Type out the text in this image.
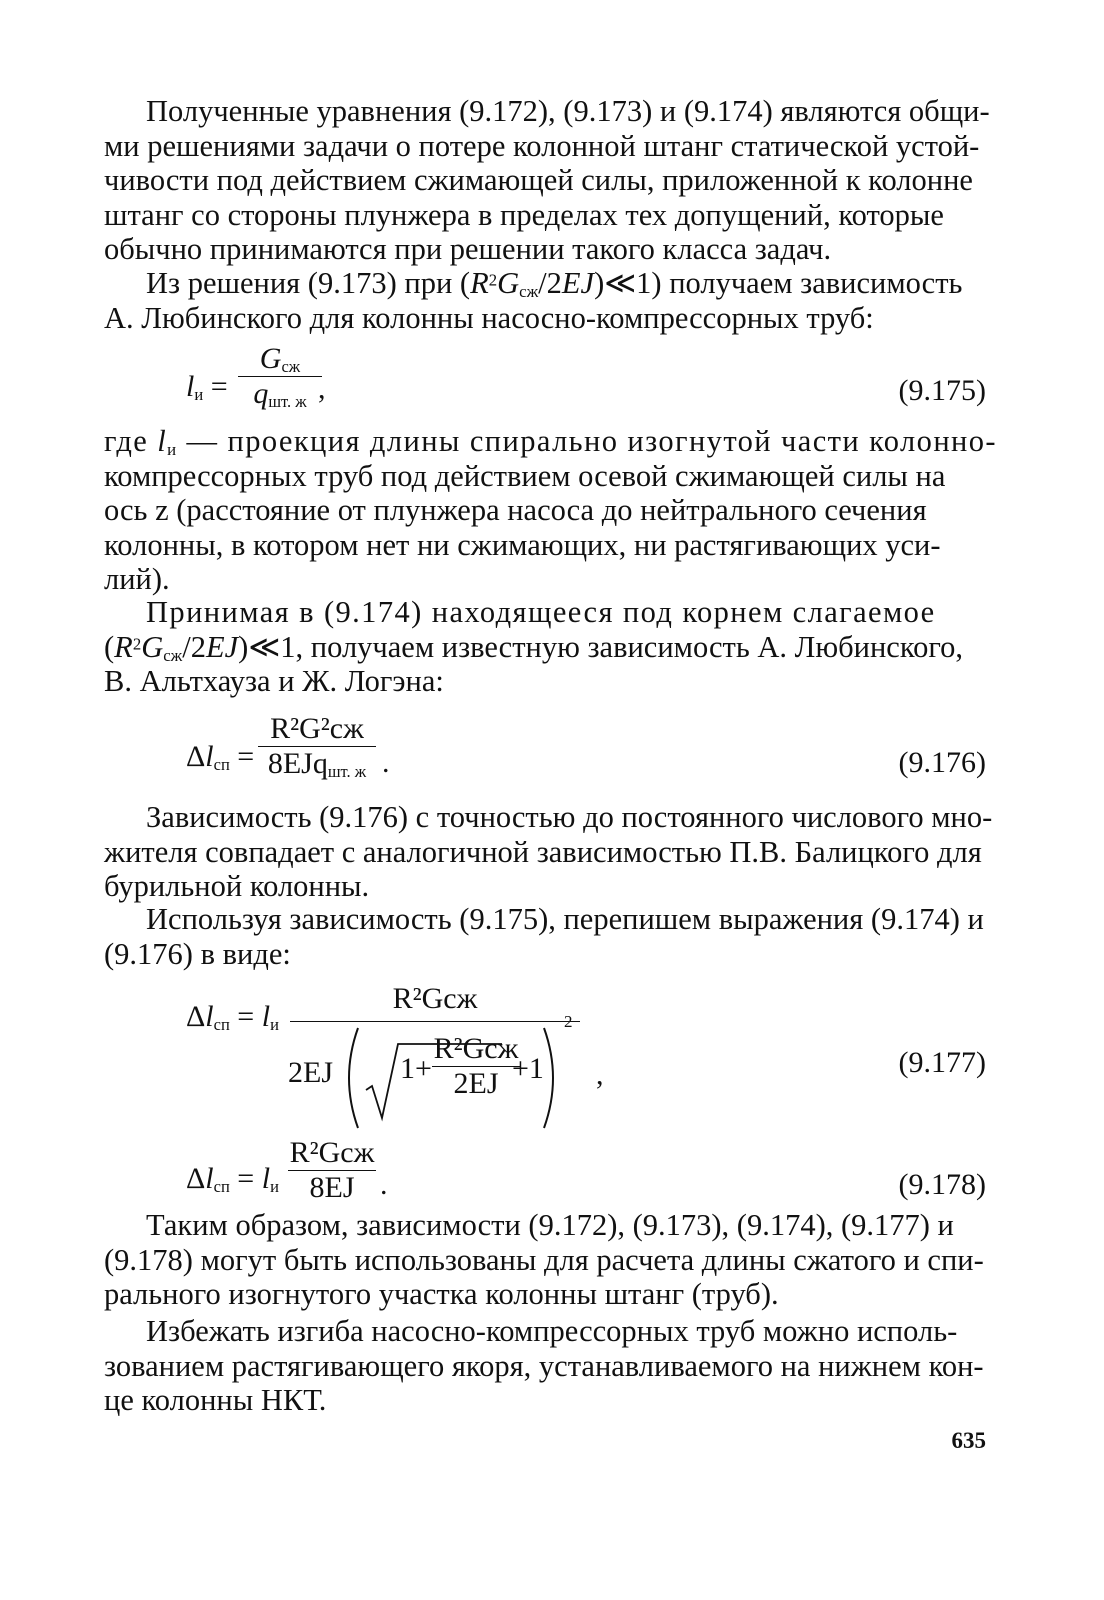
Полученные уравнения (9.172), (9.173) и (9.174) являются общи-

ми решениями задачи о потере колонной штанг статической устой-

чивости под действием сжимающей силы, приложенной к колонне

штанг со стороны плунжера в пределах тех допущений, которые

обычно принимаются при решении такого класса задач.

Из решения (9.173) при $(R^2G_{сж}/2EJ)≪1$) получаем зависимость

А. Любинского для колонны насосно-компрессорных труб:

$l_и$ =
$G_{сж}$
$q_{шт. ж}$ ,	(9.175)

где $l_и$ — проекция длины спирально изогнутой части колонно-

компрессорных труб под действием осевой сжимающей силы на

ось z (расстояние от плунжера насоса до нейтрального сечения

колонны, в котором нет ни сжимающих, ни растягивающих уси-

лий).

Принимая в (9.174) находящееся под корнем слагаемое

$(R^2G_{сж}/2EJ)≪1$, получаем известную зависимость А. Любинского,

В. Альтхауза и Ж. Логэна:

$\Delta l_{сп}$ =
R²G²сж
8EJq$_{шт. ж}$ .	(9.176)

Зависимость (9.176) с точностью до постоянного числового мно-

жителя совпадает с аналогичной зависимостью П.В. Балицкого для

бурильной колонны.

Используя зависимость (9.175), перепишем выражения (9.174) и

(9.176) в виде:

$\Delta l_{сп} = l_и$
R²Gсж
2EJ 1+
R²Gсж
2EJ +1
2
,	(9.177)
$\Delta l_{сп} = l_и$
R²Gсж
8EJ .	(9.178)

Таким образом, зависимости (9.172), (9.173), (9.174), (9.177) и

(9.178) могут быть использованы для расчета длины сжатого и спи-

рального изогнутого участка колонны штанг (труб).

Избежать изгиба насосно-компрессорных труб можно исполь-

зованием растягивающего якоря, устанавливаемого на нижнем кон-

це колонны НКТ.

635
